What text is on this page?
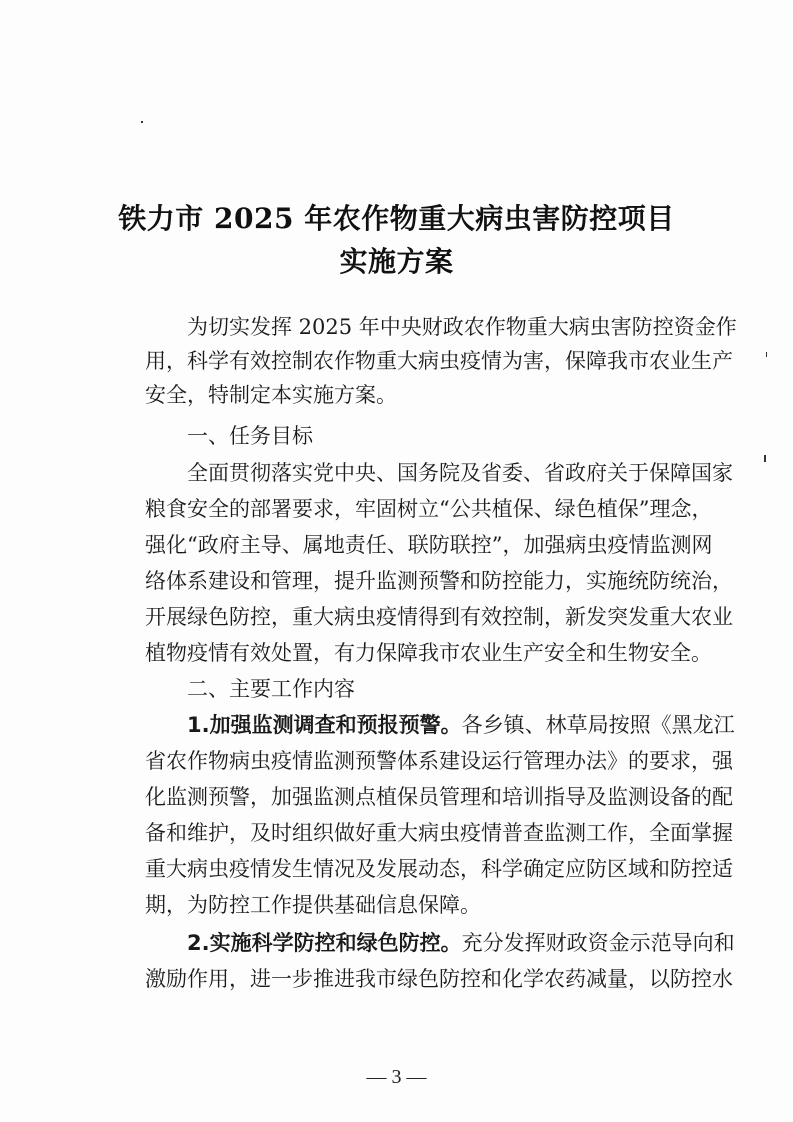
铁力市 2025 年农作物重大病虫害防控项目
实施方案
为切实发挥 2025 年中央财政农作物重大病虫害防控资金作
用，科学有效控制农作物重大病虫疫情为害，保障我市农业生产
安全，特制定本实施方案。
一、任务目标
全面贯彻落实党中央、国务院及省委、省政府关于保障国家
粮食安全的部署要求，牢固树立“公共植保、绿色植保”理念，
强化“政府主导、属地责任、联防联控”，加强病虫疫情监测网
络体系建设和管理，提升监测预警和防控能力，实施统防统治，
开展绿色防控，重大病虫疫情得到有效控制，新发突发重大农业
植物疫情有效处置，有力保障我市农业生产安全和生物安全。
二、主要工作内容
1.加强监测调查和预报预警。各乡镇、林草局按照《黑龙江
省农作物病虫疫情监测预警体系建设运行管理办法》的要求，强
化监测预警，加强监测点植保员管理和培训指导及监测设备的配
备和维护，及时组织做好重大病虫疫情普查监测工作，全面掌握
重大病虫疫情发生情况及发展动态，科学确定应防区域和防控适
期，为防控工作提供基础信息保障。
2.实施科学防控和绿色防控。充分发挥财政资金示范导向和
激励作用，进一步推进我市绿色防控和化学农药减量，以防控水
— 3 —
